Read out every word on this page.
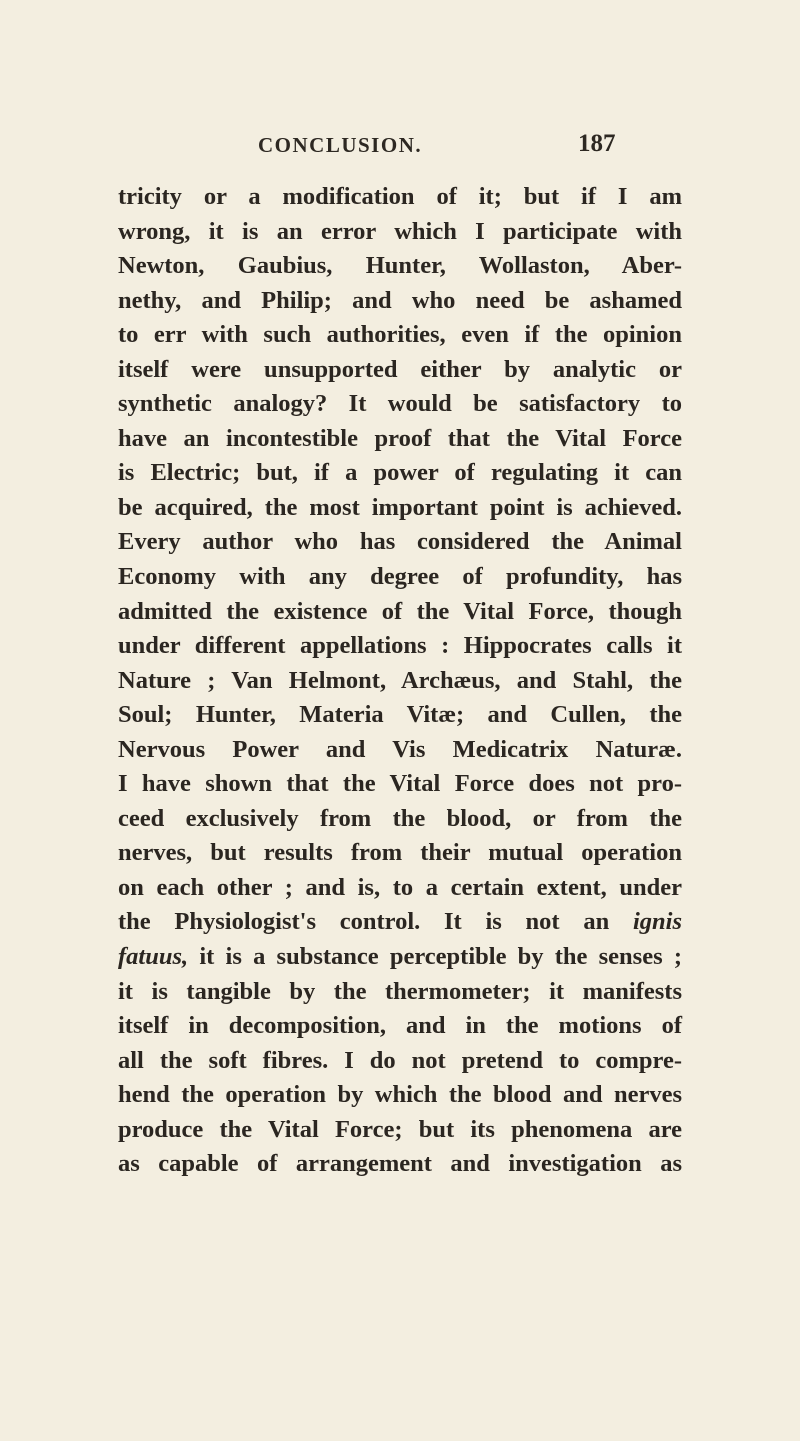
CONCLUSION.	187
tricity or a modification of it; but if I am
wrong, it is an error which I participate with
Newton, Gaubius, Hunter, Wollaston, Aber-
nethy, and Philip; and who need be ashamed
to err with such authorities, even if the opinion
itself were unsupported either by analytic or
synthetic analogy? It would be satisfactory to
have an incontestible proof that the Vital Force
is Electric; but, if a power of regulating it can
be acquired, the most important point is achieved.
Every author who has considered the Animal
Economy with any degree of profundity, has
admitted the existence of the Vital Force, though
under different appellations : Hippocrates calls it
Nature ; Van Helmont, Archæus, and Stahl, the
Soul; Hunter, Materia Vitæ; and Cullen, the
Nervous Power and Vis Medicatrix Naturæ.
I have shown that the Vital Force does not pro-
ceed exclusively from the blood, or from the
nerves, but results from their mutual operation
on each other ; and is, to a certain extent, under
the Physiologist's control. It is not an ignis
fatuus, it is a substance perceptible by the senses ;
it is tangible by the thermometer; it manifests
itself in decomposition, and in the motions of
all the soft fibres. I do not pretend to compre-
hend the operation by which the blood and nerves
produce the Vital Force; but its phenomena are
as capable of arrangement and investigation as
